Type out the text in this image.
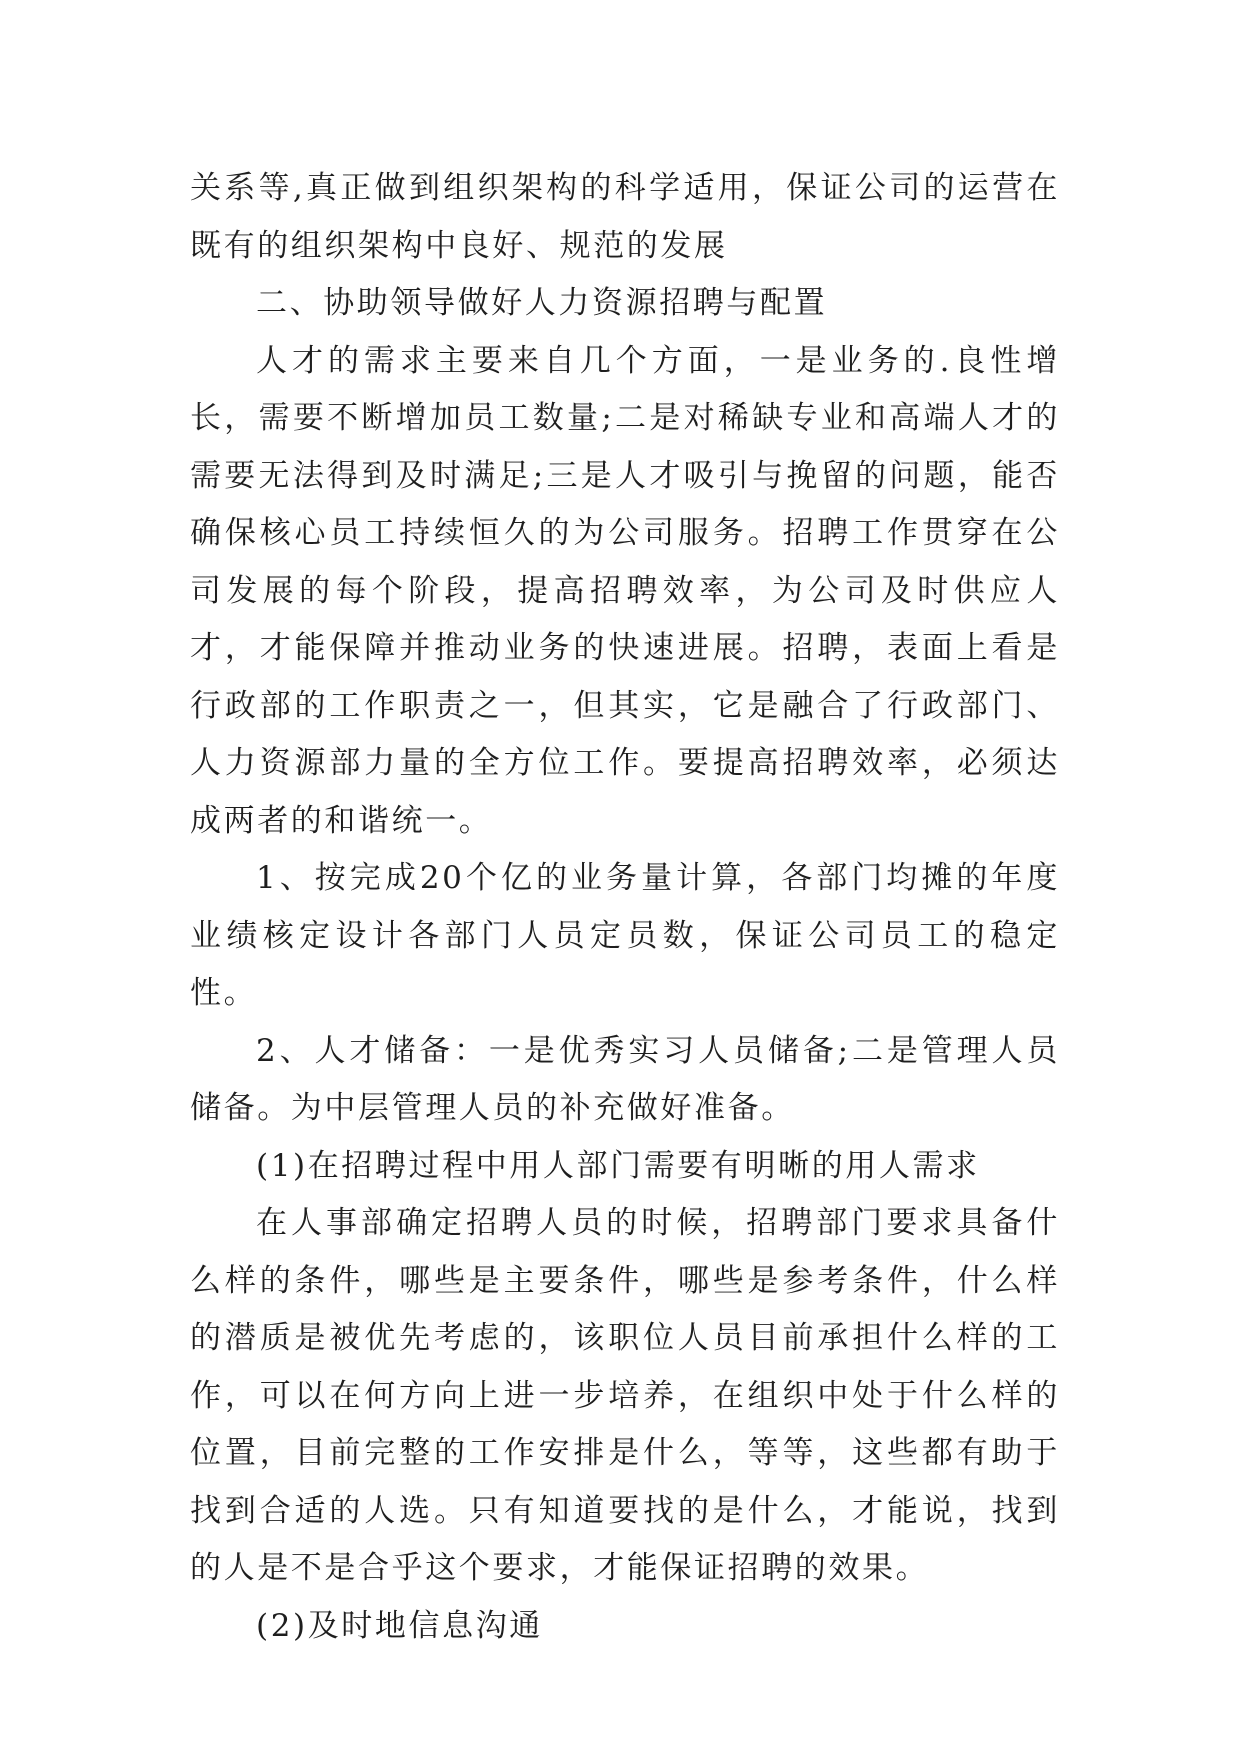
关系等,真正做到组织架构的科学适用，保证公司的运营在既有的组织架构中良好、规范的发展

二、协助领导做好人力资源招聘与配置

人才的需求主要来自几个方面，一是业务的.良性增长，需要不断增加员工数量;二是对稀缺专业和高端人才的需要无法得到及时满足;三是人才吸引与挽留的问题，能否确保核心员工持续恒久的为公司服务。招聘工作贯穿在公司发展的每个阶段，提高招聘效率，为公司及时供应人才，才能保障并推动业务的快速进展。招聘，表面上看是行政部的工作职责之一，但其实，它是融合了行政部门、人力资源部力量的全方位工作。要提高招聘效率，必须达成两者的和谐统一。

1、按完成20个亿的业务量计算，各部门均摊的年度业绩核定设计各部门人员定员数，保证公司员工的稳定性。

2、人才储备：一是优秀实习人员储备;二是管理人员储备。为中层管理人员的补充做好准备。

(1)在招聘过程中用人部门需要有明晰的用人需求

在人事部确定招聘人员的时候，招聘部门要求具备什么样的条件，哪些是主要条件，哪些是参考条件，什么样的潜质是被优先考虑的，该职位人员目前承担什么样的工作，可以在何方向上进一步培养，在组织中处于什么样的位置，目前完整的工作安排是什么，等等，这些都有助于找到合适的人选。只有知道要找的是什么，才能说，找到的人是不是合乎这个要求，才能保证招聘的效果。

(2)及时地信息沟通
